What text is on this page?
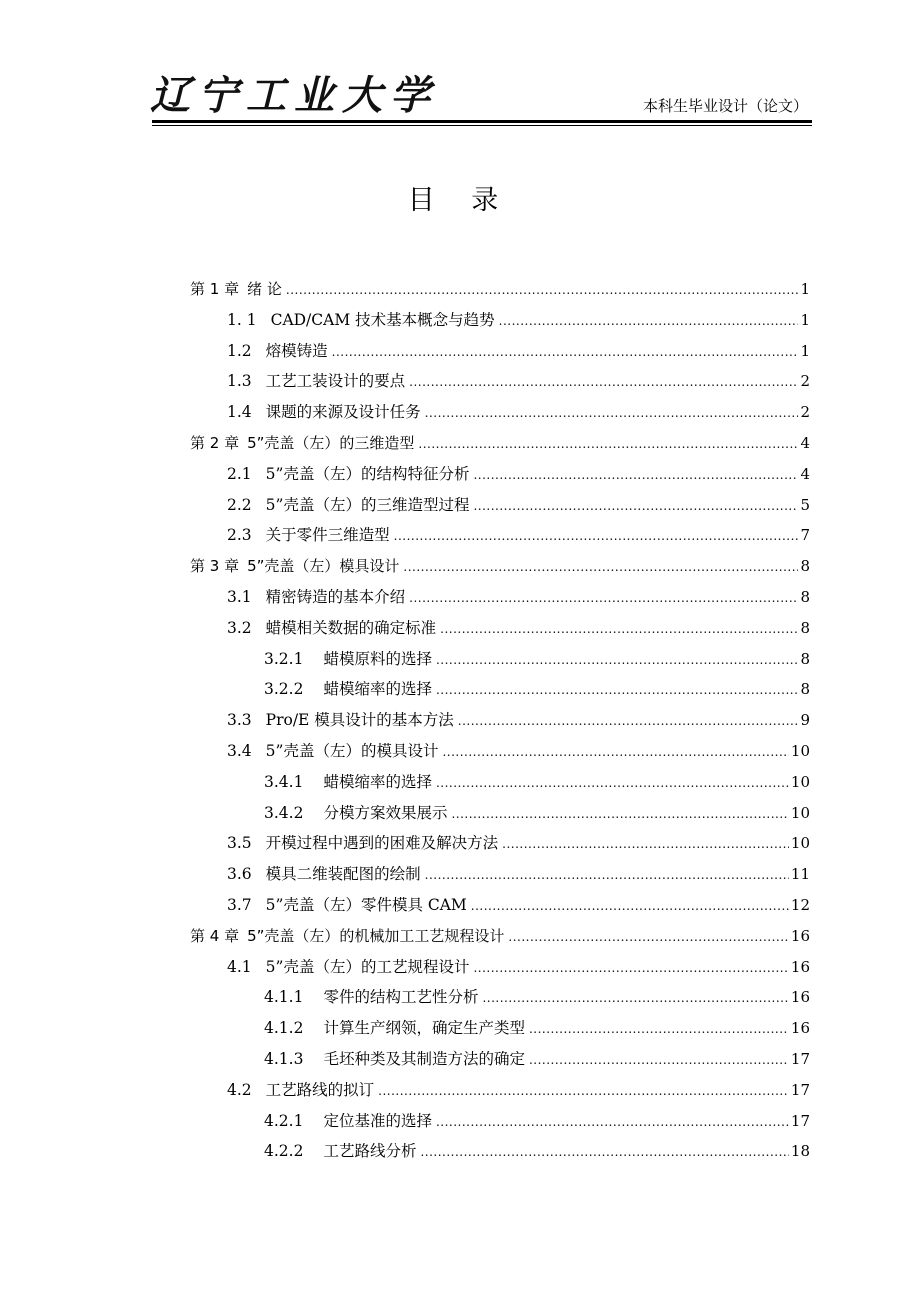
辽宁工业大学	本科生毕业设计（论文）
目 录
第 1 章 绪 论 .....	1
1. 1 CAD/CAM 技术基本概念与趋势 .....	1
1.2 熔模铸造 .....	1
1.3 工艺工装设计的要点 .....	2
1.4 课题的来源及设计任务 .....	2
第 2 章 5”壳盖（左）的三维造型 .....	4
2.1 5”壳盖（左）的结构特征分析 .....	4
2.2 5”壳盖（左）的三维造型过程 .....	5
2.3 关于零件三维造型 .....	7
第 3 章 5”壳盖（左）模具设计 .....	8
3.1 精密铸造的基本介绍 .....	8
3.2 蜡模相关数据的确定标准 .....	8
3.2.1 蜡模原料的选择 .....	8
3.2.2 蜡模缩率的选择 .....	8
3.3 Pro/E 模具设计的基本方法 .....	9
3.4 5”壳盖（左）的模具设计 .....	10
3.4.1 蜡模缩率的选择 .....	10
3.4.2 分模方案效果展示 .....	10
3.5 开模过程中遇到的困难及解决方法 .....	10
3.6 模具二维装配图的绘制 .....	11
3.7 5”壳盖（左）零件模具 CAM .....	12
第 4 章 5”壳盖（左）的机械加工工艺规程设计 .....	16
4.1 5”壳盖（左）的工艺规程设计 .....	16
4.1.1 零件的结构工艺性分析 .....	16
4.1.2 计算生产纲领，确定生产类型 .....	16
4.1.3 毛坯种类及其制造方法的确定 .....	17
4.2 工艺路线的拟订 .....	17
4.2.1 定位基准的选择 .....	17
4.2.2 工艺路线分析 .....	18
